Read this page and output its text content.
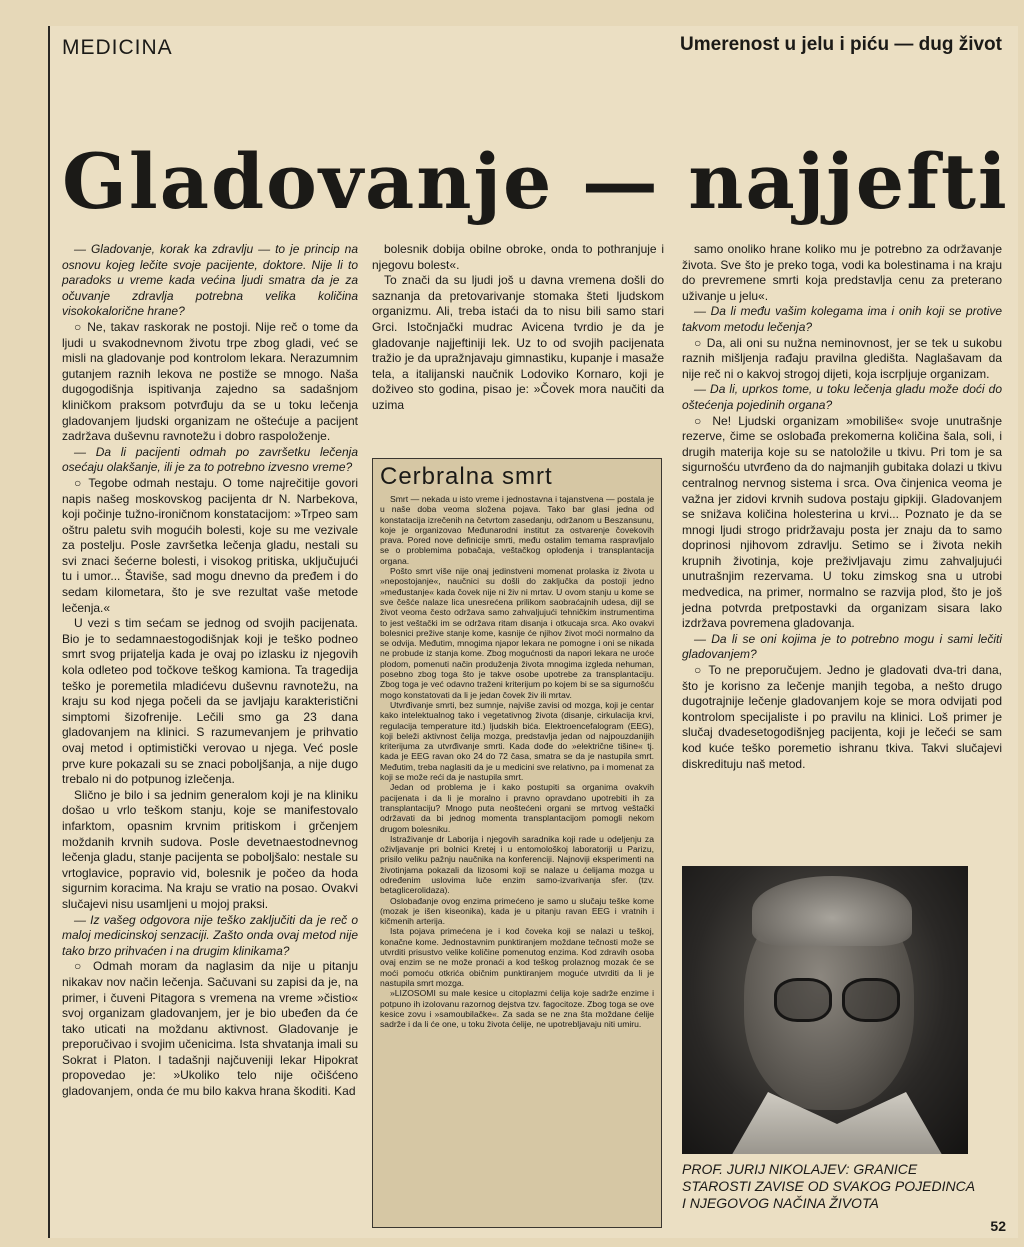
MEDICINA	Umerenost u jelu i piću — dug život
Gladovanje — najjefti

— Gladovanje, korak ka zdravlju — to je princip na osnovu kojeg lečite svoje pacijente, doktore. Nije li to paradoks u vreme kada većina ljudi smatra da je za očuvanje zdravlja potrebna velika količina visokokalorične hrane?

○ Ne, takav raskorak ne postoji. Nije reč o tome da ljudi u svakodnevnom životu trpe zbog gladi, već se misli na gladovanje pod kontrolom lekara. Nerazumnim gutanjem raznih lekova ne postiže se mnogo. Naša dugogodišnja ispitivanja zajedno sa sadašnjom kliničkom praksom potvrđuju da se u toku lečenja gladovanjem ljudski organizam ne oštećuje a pacijent zadržava duševnu ravnotežu i dobro raspoloženje.

— Da li pacijenti odmah po završetku lečenja osećaju olakšanje, ili je za to potrebno izvesno vreme?

○ Tegobe odmah nestaju. O tome najrečitije govori napis našeg moskovskog pacijenta dr N. Narbekova, koji počinje tužno-ironičnom konstatacijom: »Trpeo sam oštru paletu svih mogućih bolesti, koje su me vezivale za postelju. Posle završetka lečenja gladu, nestali su svi znaci šećerne bolesti, i visokog pritiska, uključujući tu i umor... Štaviše, sad mogu dnevno da pređem i do sedam kilometara, što je sve rezultat vaše metode lečenja.«

U vezi s tim sećam se jednog od svojih pacijenata. Bio je to sedamnaestogodišnjak koji je teško podneo smrt svog prijatelja kada je ovaj po izlasku iz njegovih kola odleteo pod točkove teškog kamiona. Ta tragedija teško je poremetila mladićevu duševnu ravnotežu, na kraju su kod njega počeli da se javljaju karakteristični simptomi šizofrenije. Lečili smo ga 23 dana gladovanjem na klinici. S razumevanjem je prihvatio ovaj metod i optimistički verovao u njega. Već posle prve kure pokazali su se znaci poboljšanja, a nije dugo trebalo ni do potpunog izlečenja.

Slično je bilo i sa jednim generalom koji je na kliniku došao u vrlo teškom stanju, koje se manifestovalo infarktom, opasnim krvnim pritiskom i grčenjem moždanih krvnih sudova. Posle devetnaestodnevnog lečenja gladu, stanje pacijenta se poboljšalo: nestale su vrtoglavice, popravio vid, bolesnik je počeo da hoda sigurnim koracima. Na kraju se vratio na posao. Ovakvi slučajevi nisu usamljeni u mojoj praksi.

— Iz vašeg odgovora nije teško zaključiti da je reč o maloj medicinskoj senzaciji. Zašto onda ovaj metod nije tako brzo prihvaćen i na drugim klinikama?

○ Odmah moram da naglasim da nije u pitanju nikakav nov način lečenja. Sačuvani su zapisi da je, na primer, i čuveni Pitagora s vremena na vreme »čistio« svoj organizam gladovanjem, jer je bio ubeđen da će tako uticati na moždanu aktivnost. Gladovanje je preporučivao i svojim učenicima. Ista shvatanja imali su Sokrat i Platon. I tadašnji najčuveniji lekar Hipokrat propovedao je: »Ukoliko telo nije očišćeno gladovanjem, onda će mu bilo kakva hrana škoditi. Kad

bolesnik dobija obilne obroke, onda to pothranjuje i njegovu bolest«.

To znači da su ljudi još u davna vremena došli do saznanja da pretovarivanje stomaka šteti ljudskom organizmu. Ali, treba istaći da to nisu bili samo stari Grci. Istočnjački mudrac Avicena tvrdio je da je gladovanje najjeftiniji lek. Uz to od svojih pacijenata tražio je da upražnjavaju gimnastiku, kupanje i masaže tela, a italijanski naučnik Lodoviko Kornaro, koji je doživeo sto godina, pisao je: »Čovek mora naučiti da uzima

samo onoliko hrane koliko mu je potrebno za održavanje života. Sve što je preko toga, vodi ka bolestinama i na kraju do prevremene smrti koja predstavlja cenu za preterano uživanje u jelu«.

— Da li među vašim kolegama ima i onih koji se protive takvom metodu lečenja?

○ Da, ali oni su nužna neminovnost, jer se tek u sukobu raznih mišljenja rađaju pravilna gledišta. Naglašavam da nije reč ni o kakvoj strogoj dijeti, koja iscrpljuje organizam.

— Da li, uprkos tome, u toku lečenja gladu može doći do oštećenja pojedinih organa?

○ Ne! Ljudski organizam »mobiliše« svoje unutrašnje rezerve, čime se oslobađa prekomerna količina šala, soli, i drugih materija koje su se natoložile u tkivu. Pri tom je sa sigurnošću utvrđeno da do najmanjih gubitaka dolazi u tkivu centralnog nervnog sistema i srca. Ova činjenica veoma je važna jer zidovi krvnih sudova postaju gipkiji. Gladovanjem se snižava količina holesterina u krvi... Poznato je da se mnogi ljudi strogo pridržavaju posta jer znaju da to samo doprinosi njihovom zdravlju. Setimo se i života nekih krupnih životinja, koje preživljavaju zimu zahvaljujući unutrašnjim rezervama. U toku zimskog sna u utrobi medvedica, na primer, normalno se razvija plod, što je još jedna potvrda pretpostavki da organizam sisara lako izdržava povremena gladovanja.

— Da li se oni kojima je to potrebno mogu i sami lečiti gladovanjem?

○ To ne preporučujem. Jedno je gladovati dva-tri dana, što je korisno za lečenje manjih tegoba, a nešto drugo dugotrajnije lečenje gladovanjem koje se mora odvijati pod kontrolom specijaliste i po pravilu na klinici. Loš primer je slučaj dvadesetogodišnjeg pacijenta, koji je lečeći se sam kod kuće teško poremetio ishranu tkiva. Takvi slučajevi diskredituju naš metod.

Cerbralna smrt

Smrt — nekada u isto vreme i jednostavna i tajanstvena — postala je u naše doba veoma složena pojava. Tako bar glasi jedna od konstatacija izrečenih na četvrtom zasedanju, održanom u Beszansunu, koje je organizovao Međunarodni institut za ostvarenje čovekovih prava. Pored nove definicije smrti, među ostalim temama raspravljalo se o problemima pobačaja, veštačkog oplođenja i transplantacija organa.

Pošto smrt više nije onaj jedinstveni momenat prolaska iz života u »nepostojanje«, naučnici su došli do zaključka da postoji jedno »međustanje« kada čovek nije ni živ ni mrtav. U ovom stanju u kome se sve češće nalaze lica unesrećena prilikom saobraćajnih udesa, dijl se život veoma često održava samo zahvaljujući tehničkim instrumentima to jest veštački im se održava ritam disanja i otkucaja srca. Ako ovakvi bolesnici prežive stanje kome, kasnije će njihov život moći normalno da se odvija. Međutim, mnogima njapor lekara ne pomogne i oni se nikada ne probude iz stanja kome. Zbog mogućnosti da napori lekara ne uroće plodom, pomenuti način produženja života mnogima izgleda nehuman, posebno zbog toga što je takve osobe upotrebe za transplantaciju. Zbog toga je već odavno traženi kriterijum po kojem bi se sa sigurnošću mogo konstatovati da li je jedan čovek živ ili mrtav.

Utvrđivanje smrti, bez sumnje, najviše zavisi od mozga, koji je centar kako intelektualnog tako i vegetativnog života (disanje, cirkulacija krvi, regulacija temperature itd.) ljudskih bića. Elektroencefalogram (EEG), koji beleži aktivnost čelija mozga, predstavlja jedan od najpouzdanijih kriterijuma za utvrđivanje smrti. Kada dođe do »električne tišine« tj. kada je EEG ravan oko 24 do 72 časa, smatra se da je nastupila smrt. Međutim, treba naglasiti da je u medicini sve relativno, pa i momenat za koji se može reći da je nastupila smrt.

Jedan od problema je i kako postupiti sa organima ovakvih pacijenata i da li je moralno i pravno opravdano upotrebiti ih za transplantaciju? Mnogo puta neoštećeni organi se mrtvog veštački održavati da bi jednog momenta transplantacijom pomogli nekom drugom bolesniku.

Istraživanje dr Laborija i njegovih saradnika koji rade u odeljenju za oživljavanje pri bolnici Kretej i u entomološkoj laboratoriji u Parizu, prisilo veliku pažnju naučnika na konferenciji. Najnoviji eksperimenti na životinjama pokazali da lizosomi koji se nalaze u ćelijama mozga u određenim uslovima luče enzim samo-izvarivanja sfer. (tzv. betaglicerolidaza).

Oslobađanje ovog enzima primećeno je samo u slučaju teške kome (mozak je išen kiseonika), kada je u pitanju ravan EEG i vratnih i kičmenih arterija.

Ista pojava primećena je i kod čoveka koji se nalazi u teškoj, konačne kome. Jednostavnim punktiranjem moždane tečnosti može se utvrditi prisustvo velike količine pomenutog enzima. Kod zdravih osoba ovaj enzim se ne može pronaći a kod teškog prolaznog mozak će se moći pomoću otkrića običnim punktiranjem moguće utvrditi da li je nastupila smrt mozga.

»LIZOSOMI su male kesice u citoplazmi ćelija koje sadrže enzime i potpuno ih izolovanu razornog dejstva tzv. fagocitoze. Zbog toga se ove kesice zovu i »samoubilačke«. Za sada se ne zna šta moždane ćelije sadrže i da li će one, u toku života ćelije, ne upotrebljavaju niti umiru.

PROF. JURIJ NIKOLAJEV: GRANICE STAROSTI ZAVISE OD SVAKOG POJEDINCA I NJEGOVOG NAČINA ŽIVOTA
52
